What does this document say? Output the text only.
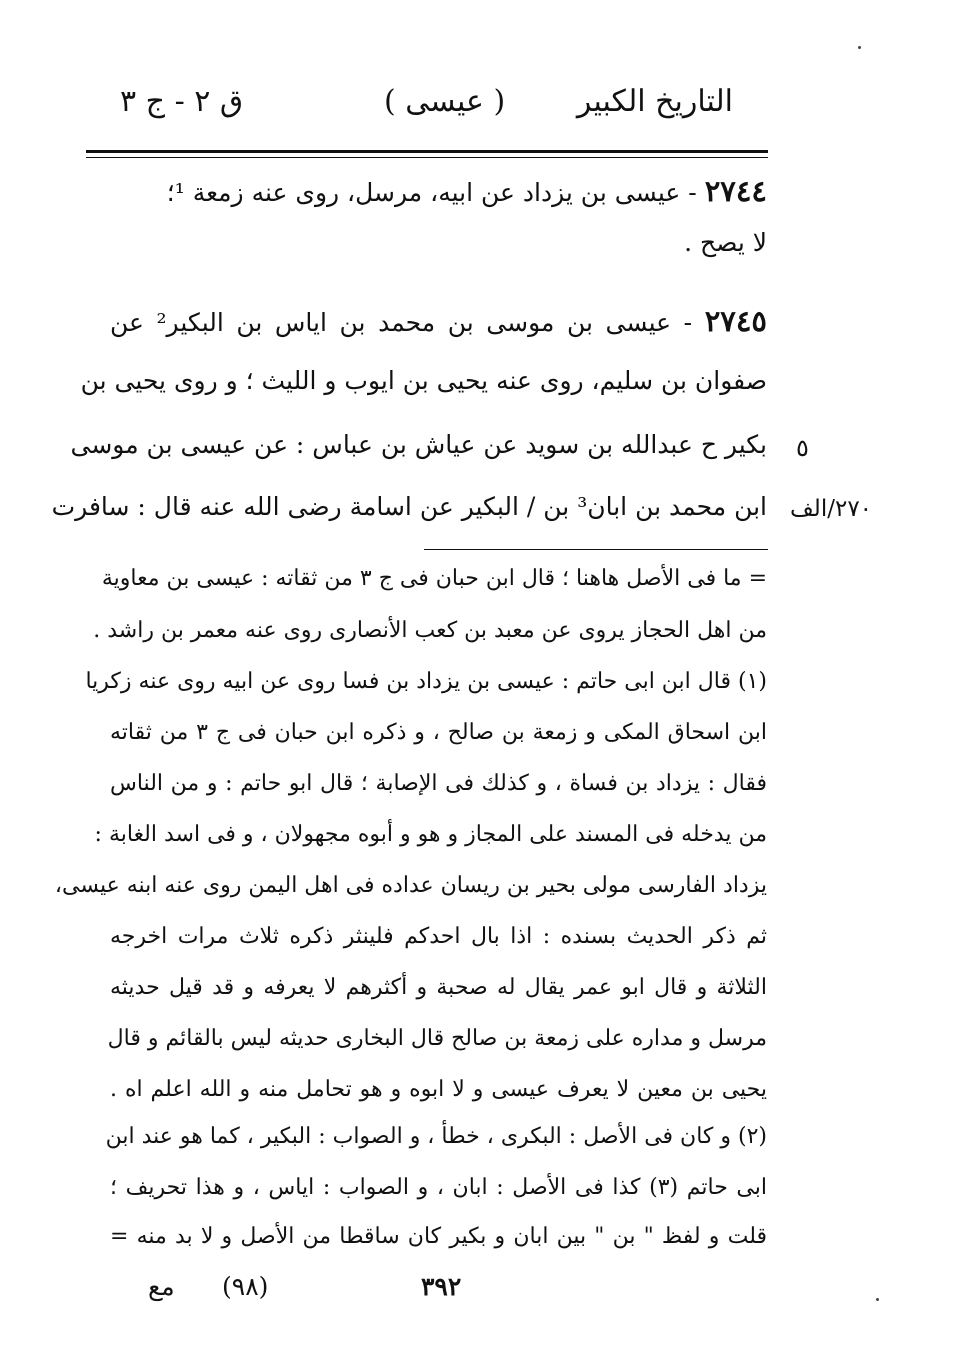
التاريخ الكبير
( عيسى )
ق ٢ - ج ٣
٢٧٤٤ - عيسى بن يزداد عن ابيه، مرسل، روى عنه زمعة ¹؛
لا يصح .
٢٧٤٥ - عيسى بن موسى بن محمد بن اياس بن البكير² عن
صفوان بن سليم، روى عنه يحيى بن ايوب و الليث ؛ و روى يحيى بن
بكير ح عبدالله بن سويد عن عياش بن عباس : عن عيسى بن موسى
ابن محمد بن ابان³ بن / البكير عن اسامة رضى الله عنه قال : سافرت
٥
٢٧٠/الف
= ما فى الأصل هاهنا ؛ قال ابن حبان فى ج ٣ من ثقاته : عيسى بن معاوية
من اهل الحجاز يروى عن معبد بن كعب الأنصارى روى عنه معمر بن راشد .
(١) قال ابن ابى حاتم : عيسى بن يزداد بن فسا روى عن ابيه روى عنه زكريا
ابن اسحاق المكى و زمعة بن صالح ، و ذكره ابن حبان فى ج ٣ من ثقاته
فقال : يزداد بن فساة ، و كذلك فى الإصابة ؛ قال ابو حاتم : و من الناس
من يدخله فى المسند على المجاز و هو و أبوه مجهولان ، و فى اسد الغابة :
يزداد الفارسى مولى بحير بن ريسان عداده فى اهل اليمن روى عنه ابنه عيسى،
ثم ذكر الحديث بسنده : اذا بال احدكم فلينثر ذكره ثلاث مرات اخرجه
الثلاثة و قال ابو عمر يقال له صحبة و أكثرهم لا يعرفه و قد قيل حديثه
مرسل و مداره على زمعة بن صالح قال البخارى حديثه ليس بالقائم و قال
يحيى بن معين لا يعرف عيسى و لا ابوه و هو تحامل منه و الله اعلم اه .
(٢) و كان فى الأصل : البكرى ، خطأ ، و الصواب : البكير ، كما هو عند ابن
ابى حاتم (٣) كذا فى الأصل : ابان ، و الصواب : اياس ، و هذا تحريف ؛
قلت و لفظ " بن " بين ابان و بكير كان ساقطا من الأصل و لا بد منه =
٣٩٢
(٩٨)
مع
